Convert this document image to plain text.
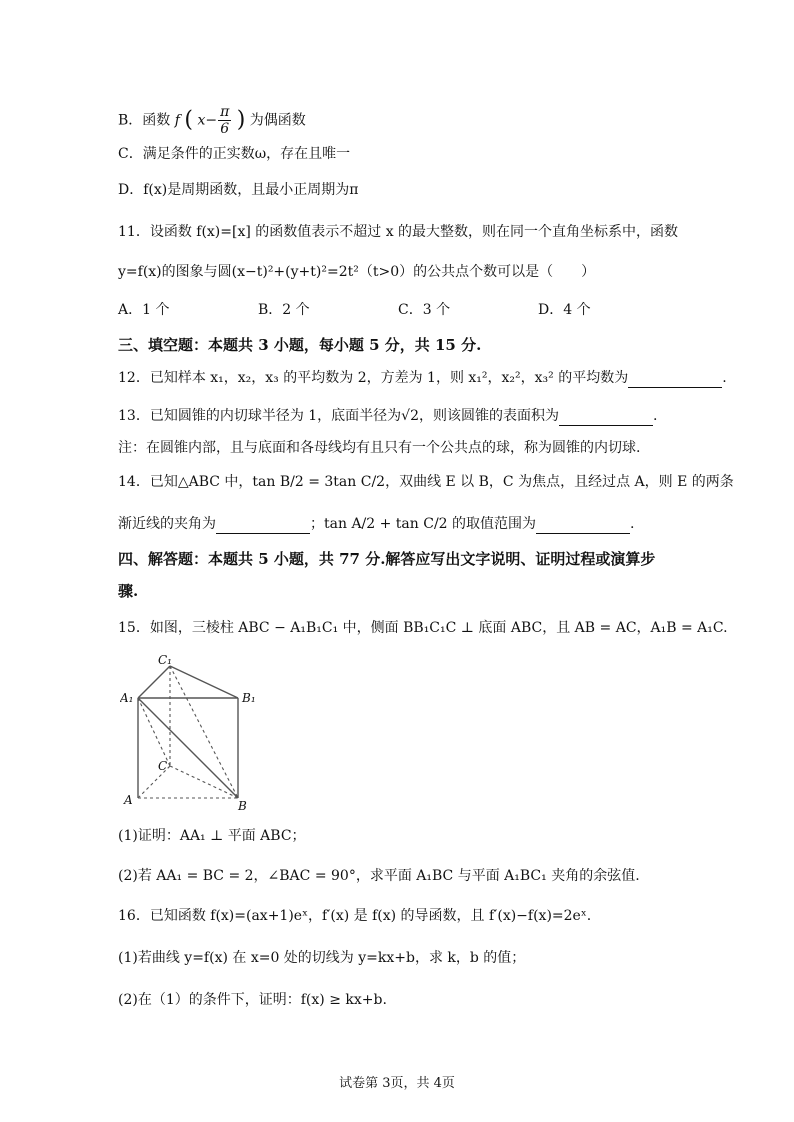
B．函数 f ( $x- \frac{\pi}{6}$ ) 为偶函数
C．满足条件的正实数ω，存在且唯一
D．f(x)是周期函数，且最小正周期为π
11．设函数 f(x)=[x] 的函数值表示不超过 x 的最大整数，则在同一个直角坐标系中，函数
y=f(x)的图象与圆(x−t)²+(y+t)²=2t²（t>0）的公共点个数可以是（　　）
A．1 个	B．2 个	C．3 个	D．4 个
三、填空题：本题共 3 小题，每小题 5 分，共 15 分.
12．已知样本 x₁，x₂，x₃ 的平均数为 2，方差为 1，则 x₁²，x₂²，x₃² 的平均数为	.
13．已知圆锥的内切球半径为 1，底面半径为√2，则该圆锥的表面积为	.
注：在圆锥内部，且与底面和各母线均有且只有一个公共点的球，称为圆锥的内切球.
14．已知△ABC 中，tan B/2 = 3tan C/2，双曲线 E 以 B，C 为焦点，且经过点 A，则 E 的两条
渐近线的夹角为	；tan A/2 + tan C/2 的取值范围为	.
四、解答题：本题共 5 小题，共 77 分.解答应写出文字说明、证明过程或演算步
骤.
15．如图，三棱柱 ABC − A₁B₁C₁ 中，侧面 BB₁C₁C ⊥ 底面 ABC，且 AB = AC，A₁B = A₁C.
C₁
A₁	B₁
C
A	B
(1)证明：AA₁ ⊥ 平面 ABC；
(2)若 AA₁ = BC = 2，∠BAC = 90°，求平面 A₁BC 与平面 A₁BC₁ 夹角的余弦值.
16．已知函数 f(x)=(ax+1)eˣ，f′(x) 是 f(x) 的导函数，且 f′(x)−f(x)=2eˣ.
(1)若曲线 y=f(x) 在 x=0 处的切线为 y=kx+b，求 k，b 的值；
(2)在（1）的条件下，证明：f(x) ≥ kx+b.
试卷第 3页，共 4页
